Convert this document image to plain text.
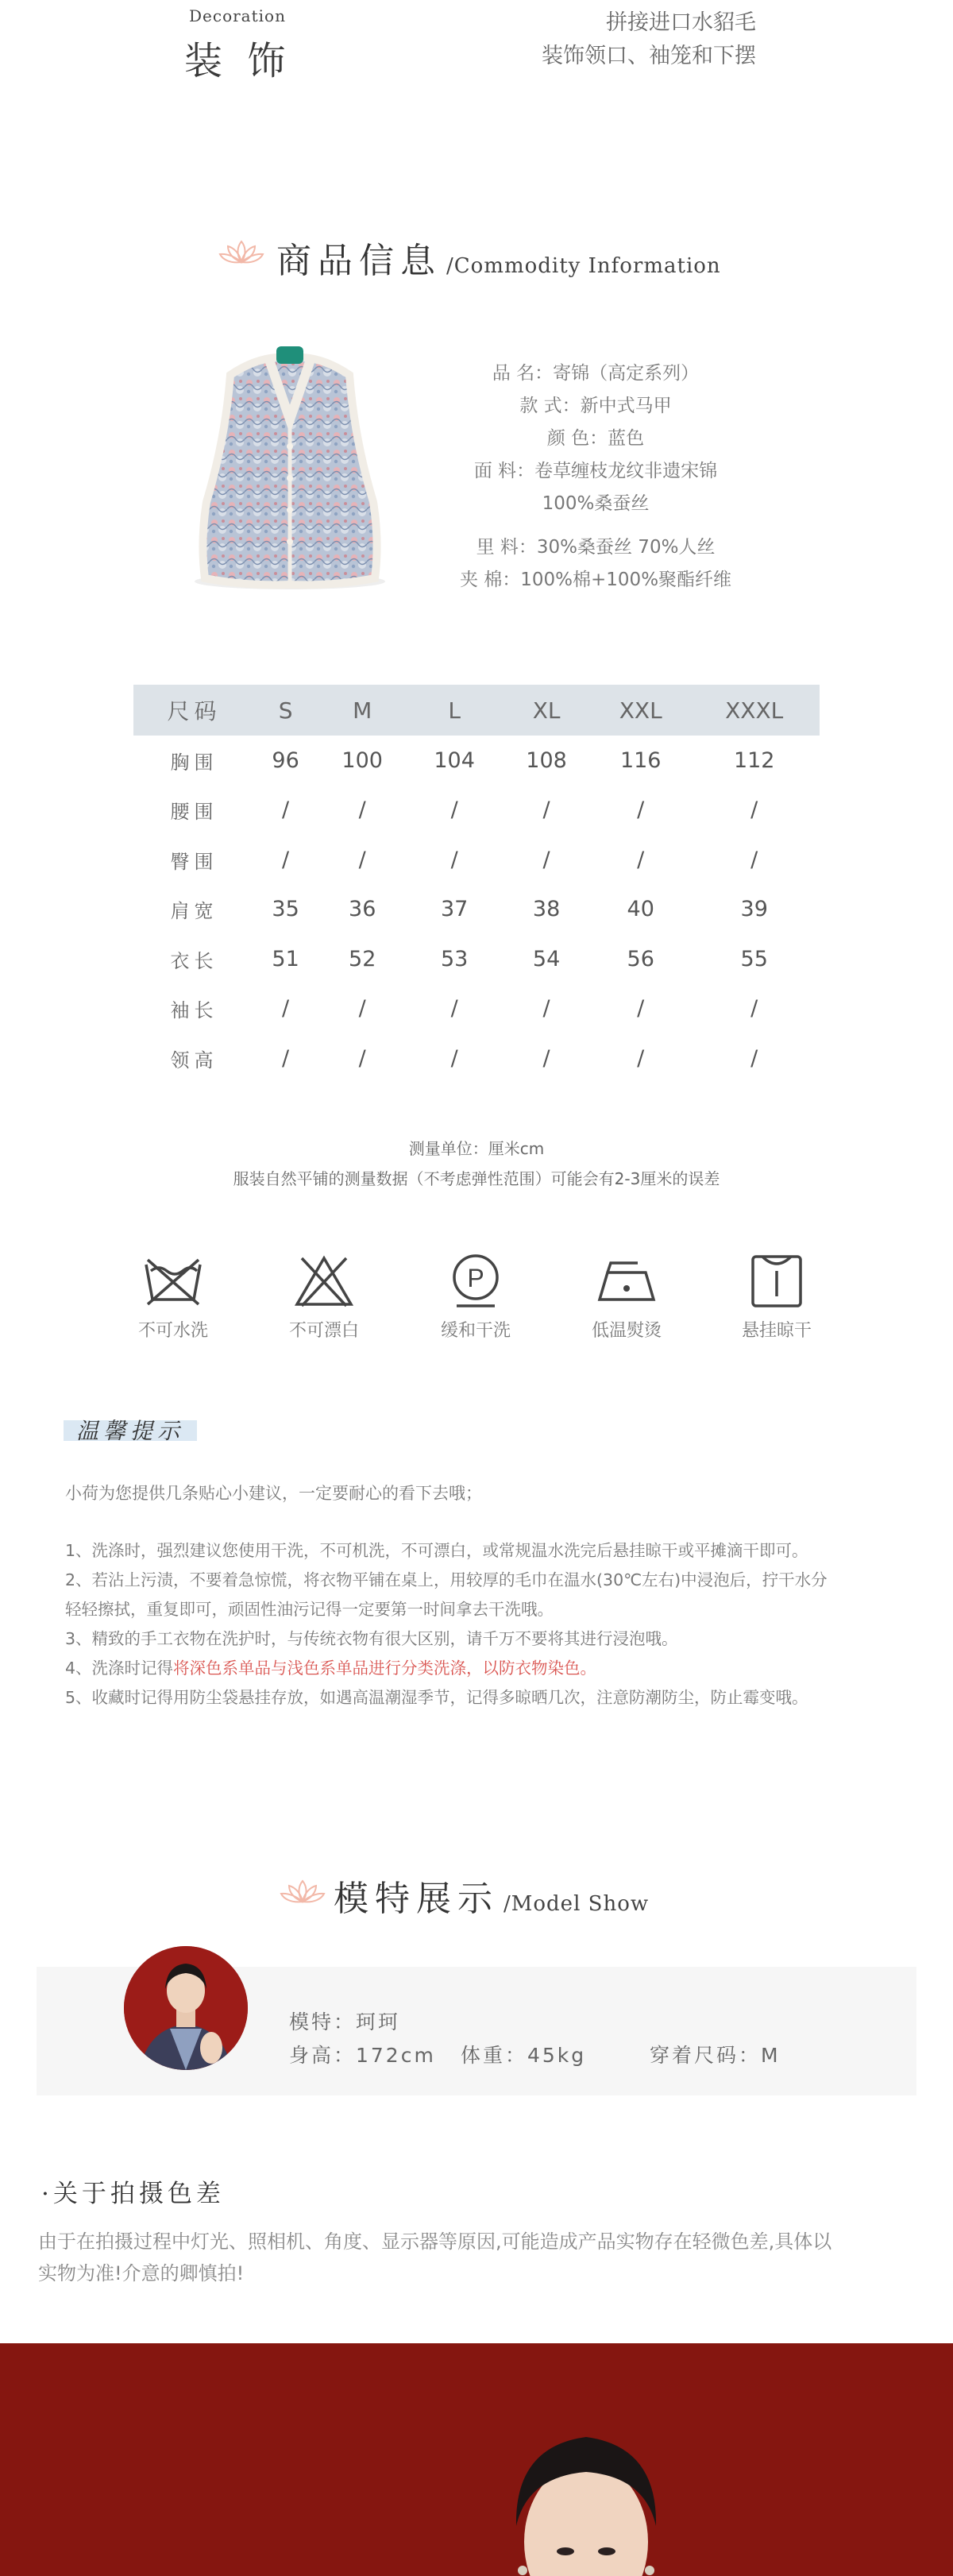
Decoration
装 饰
拼接进口水貂毛
装饰领口、袖笼和下摆
商品信息 /Commodity Information
品 名：寄锦（高定系列）
款 式：新中式马甲
颜 色：蓝色
面 料：卷草缠枝龙纹非遗宋锦
100%桑蚕丝
里 料：30%桑蚕丝 70%人丝
夹 棉：100%棉+100%聚酯纤维
尺码	S	M	L	XL	XXL	XXXL
胸围	96	100	104	108	116	112
腰围	/	/	/	/	/	/
臀围	/	/	/	/	/	/
肩宽	35	36	37	38	40	39
衣长	51	52	53	54	56	55
袖长	/	/	/	/	/	/
领高	/	/	/	/	/	/
测量单位：厘米cm
服装自然平铺的测量数据（不考虑弹性范围）可能会有2-3厘米的误差
不可水洗	不可漂白
P
缓和干洗	低温熨烫	悬挂晾干
温馨提示
小荷为您提供几条贴心小建议，一定要耐心的看下去哦；
1、洗涤时，强烈建议您使用干洗，不可机洗，不可漂白，或常规温水洗完后悬挂晾干或平摊滴干即可。
2、若沾上污渍，不要着急惊慌，将衣物平铺在桌上，用较厚的毛巾在温水(30℃左右)中浸泡后，拧干水分
轻轻擦拭，重复即可，顽固性油污记得一定要第一时间拿去干洗哦。
3、精致的手工衣物在洗护时，与传统衣物有很大区别，请千万不要将其进行浸泡哦。
4、洗涤时记得将深色系单品与浅色系单品进行分类洗涤，以防衣物染色。
5、收藏时记得用防尘袋悬挂存放，如遇高温潮湿季节，记得多晾晒几次，注意防潮防尘，防止霉变哦。
模特展示 /Model Show
模特：珂珂
身高：172cm 体重：45kg	穿着尺码：M
·关于拍摄色差
由于在拍摄过程中灯光、照相机、角度、显示器等原因,可能造成产品实物存在轻微色差,具体以
实物为准!介意的卿慎拍!
